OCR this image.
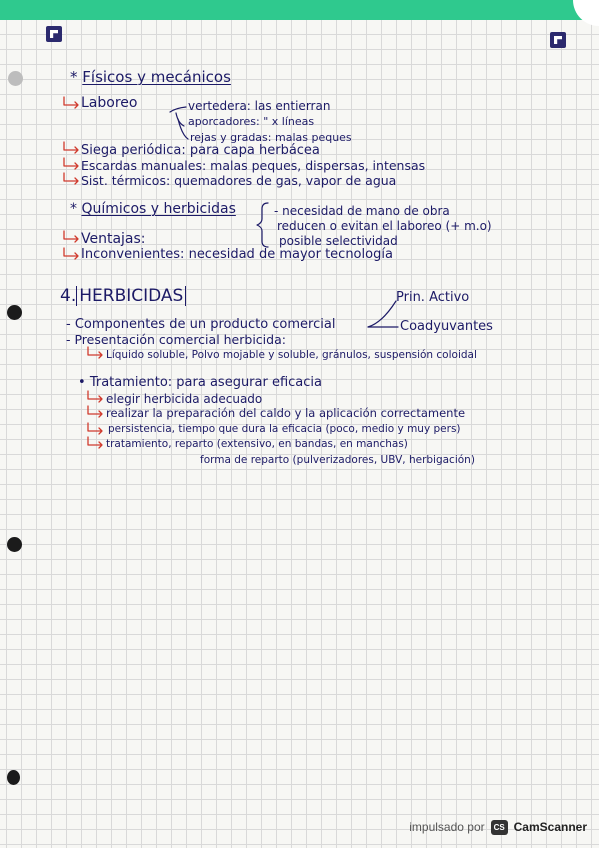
* Físicos y mecánicos
Laboreo	vertedera: las entierran
aporcadores: " x líneas
rejas y gradas: malas peques
Siega periódica: para capa herbácea
Escardas manuales: malas peques, dispersas, intensas
Sist. térmicos: quemadores de gas, vapor de agua
* Químicos y herbicidas	- necesidad de mano de obra
reducen o evitan el laboreo (+ m.o)
posible selectividad
Ventajas:
Inconvenientes: necesidad de mayor tecnología
4. HERBICIDAS	Prin. Activo
- Componentes de un producto comercial	Coadyuvantes
- Presentación comercial herbicida:
Líquido soluble, Polvo mojable y soluble, gránulos, suspensión coloidal
• Tratamiento: para asegurar eficacia
elegir herbicida adecuado
realizar la preparación del caldo y la aplicación correctamente
persistencia, tiempo que dura la eficacia (poco, medio y muy pers)
tratamiento, reparto (extensivo, en bandas, en manchas)
forma de reparto (pulverizadores, UBV, herbigación)
impulsado por CS CamScanner
